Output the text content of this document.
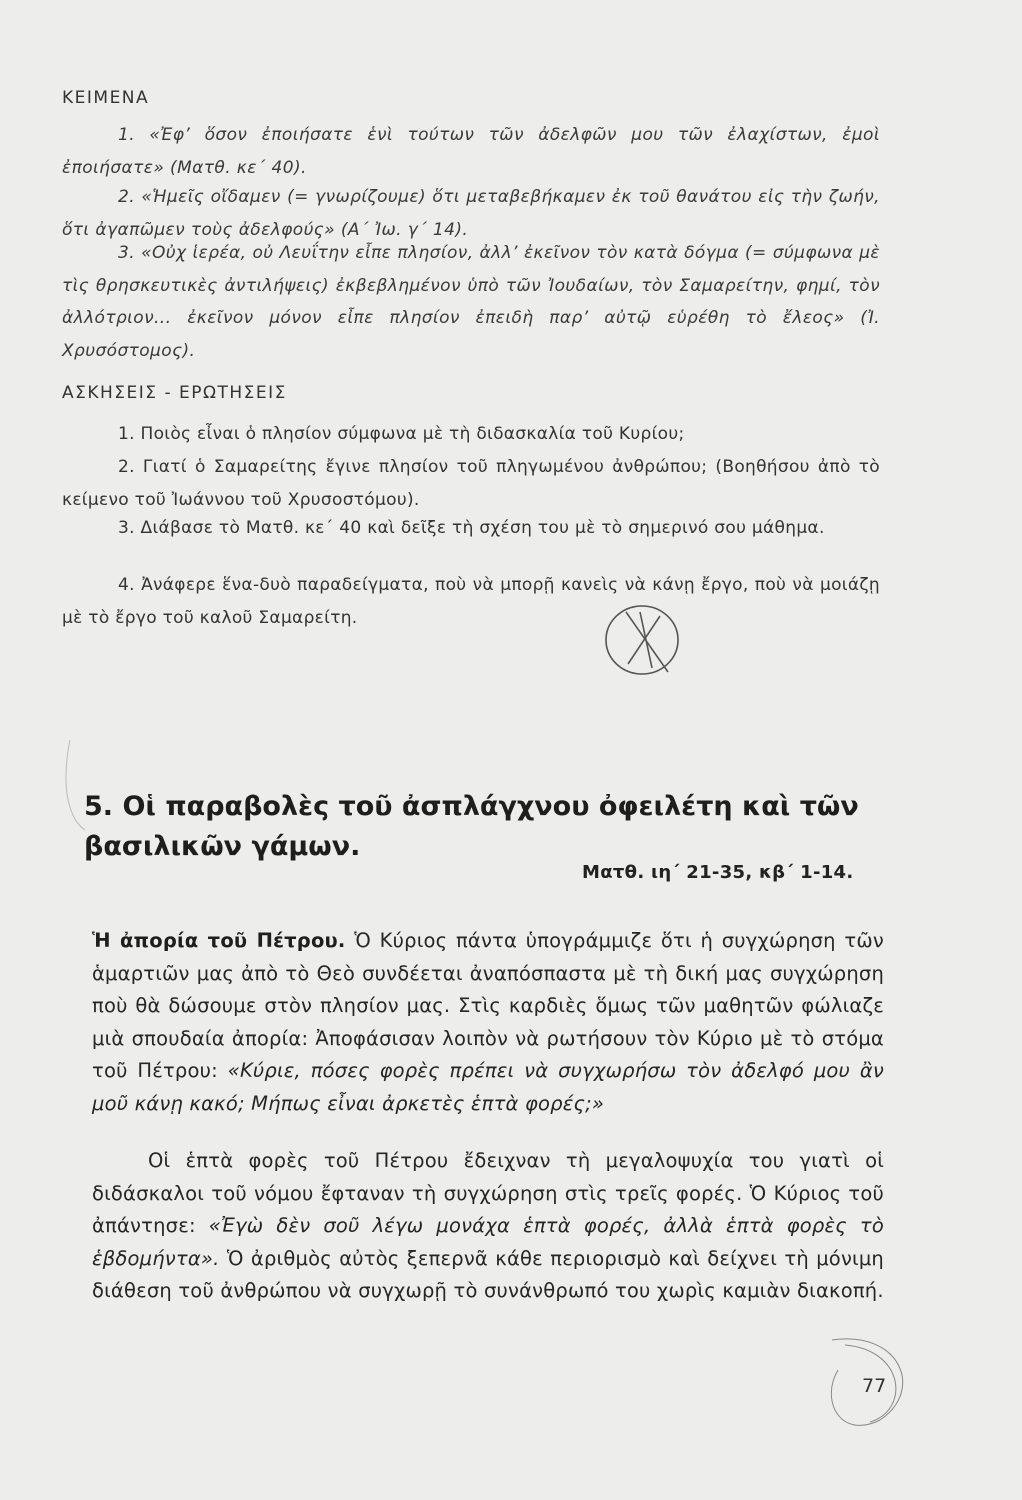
ΚΕΙΜΕΝΑ

1. «Ἐφ’ ὅσον ἐποιήσατε ἑνὶ τούτων τῶν ἀδελφῶν μου τῶν ἐλαχίστων, ἐμοὶ ἐποιήσατε» (Ματθ. κε΄ 40).

2. «Ἡμεῖς οἴδαμεν (= γνωρίζουμε) ὅτι μεταβεβήκαμεν ἐκ τοῦ θανάτου εἰς τὴν ζωήν, ὅτι ἀγαπῶμεν τοὺς ἀδελφούς» (Α΄ Ἰω. γ΄ 14).

3. «Οὐχ ἱερέα, οὐ Λευΐτην εἶπε πλησίον, ἀλλ’ ἐκεῖνον τὸν κατὰ δόγμα (= σύμφωνα μὲ τὶς θρησκευτικὲς ἀντιλήψεις) ἐκβεβλημένον ὑπὸ τῶν Ἰουδαίων, τὸν Σαμαρείτην, φημί, τὸν ἀλλότριον... ἐκεῖνον μόνον εἶπε πλησίον ἐπειδὴ παρ’ αὐτῷ εὑρέθη τὸ ἔλεος» (Ἰ. Χρυσόστομος).

ΑΣΚΗΣΕΙΣ - ΕΡΩΤΗΣΕΙΣ

1. Ποιὸς εἶναι ὁ πλησίον σύμφωνα μὲ τὴ διδασκαλία τοῦ Κυρίου;

2. Γιατί ὁ Σαμαρείτης ἔγινε πλησίον τοῦ πληγωμένου ἀνθρώπου; (Βοηθήσου ἀπὸ τὸ κείμενο τοῦ Ἰωάννου τοῦ Χρυσοστόμου).

3. Διάβασε τὸ Ματθ. κε΄ 40 καὶ δεῖξε τὴ σχέση του μὲ τὸ σημερινό σου μάθημα.

4. Ἀνάφερε ἕνα-δυὸ παραδείγματα, ποὺ νὰ μπορῇ κανεὶς νὰ κάνῃ ἔργο, ποὺ νὰ μοιάζῃ μὲ τὸ ἔργο τοῦ καλοῦ Σαμαρείτη.

5. Οἱ παραβολὲς τοῦ ἀσπλάγχνου ὀφειλέτη καὶ τῶν βασιλικῶν γάμων.
Ματθ. ιη΄ 21-35, κβ΄ 1-14.

Ἡ ἀπορία τοῦ Πέτρου. Ὁ Κύριος πάντα ὑπογράμμιζε ὅτι ἡ συγχώρηση τῶν ἁμαρτιῶν μας ἀπὸ τὸ Θεὸ συνδέεται ἀναπόσπαστα μὲ τὴ δική μας συγχώρηση ποὺ θὰ δώσουμε στὸν πλησίον μας. Στὶς καρδιὲς ὅμως τῶν μαθητῶν φώλιαζε μιὰ σπουδαία ἀπορία: Ἀποφάσισαν λοιπὸν νὰ ρωτήσουν τὸν Κύριο μὲ τὸ στόμα τοῦ Πέτρου: «Κύριε, πόσες φορὲς πρέπει νὰ συγχωρήσω τὸν ἀδελφό μου ἂν μοῦ κάνῃ κακό; Μήπως εἶναι ἀρκετὲς ἑπτὰ φορές;»

Οἱ ἑπτὰ φορὲς τοῦ Πέτρου ἔδειχναν τὴ μεγαλοψυχία του γιατὶ οἱ διδάσκαλοι τοῦ νόμου ἔφταναν τὴ συγχώρηση στὶς τρεῖς φορές. Ὁ Κύριος τοῦ ἀπάντησε: «Ἐγὼ δὲν σοῦ λέγω μονάχα ἑπτὰ φορές, ἀλλὰ ἑπτὰ φορὲς τὸ ἑβδομήντα». Ὁ ἀριθμὸς αὐτὸς ξεπερνᾶ κάθε περιορισμὸ καὶ δείχνει τὴ μόνιμη διάθεση τοῦ ἀνθρώπου νὰ συγχωρῇ τὸ συνάνθρωπό του χωρὶς καμιὰν διακοπή.

77
